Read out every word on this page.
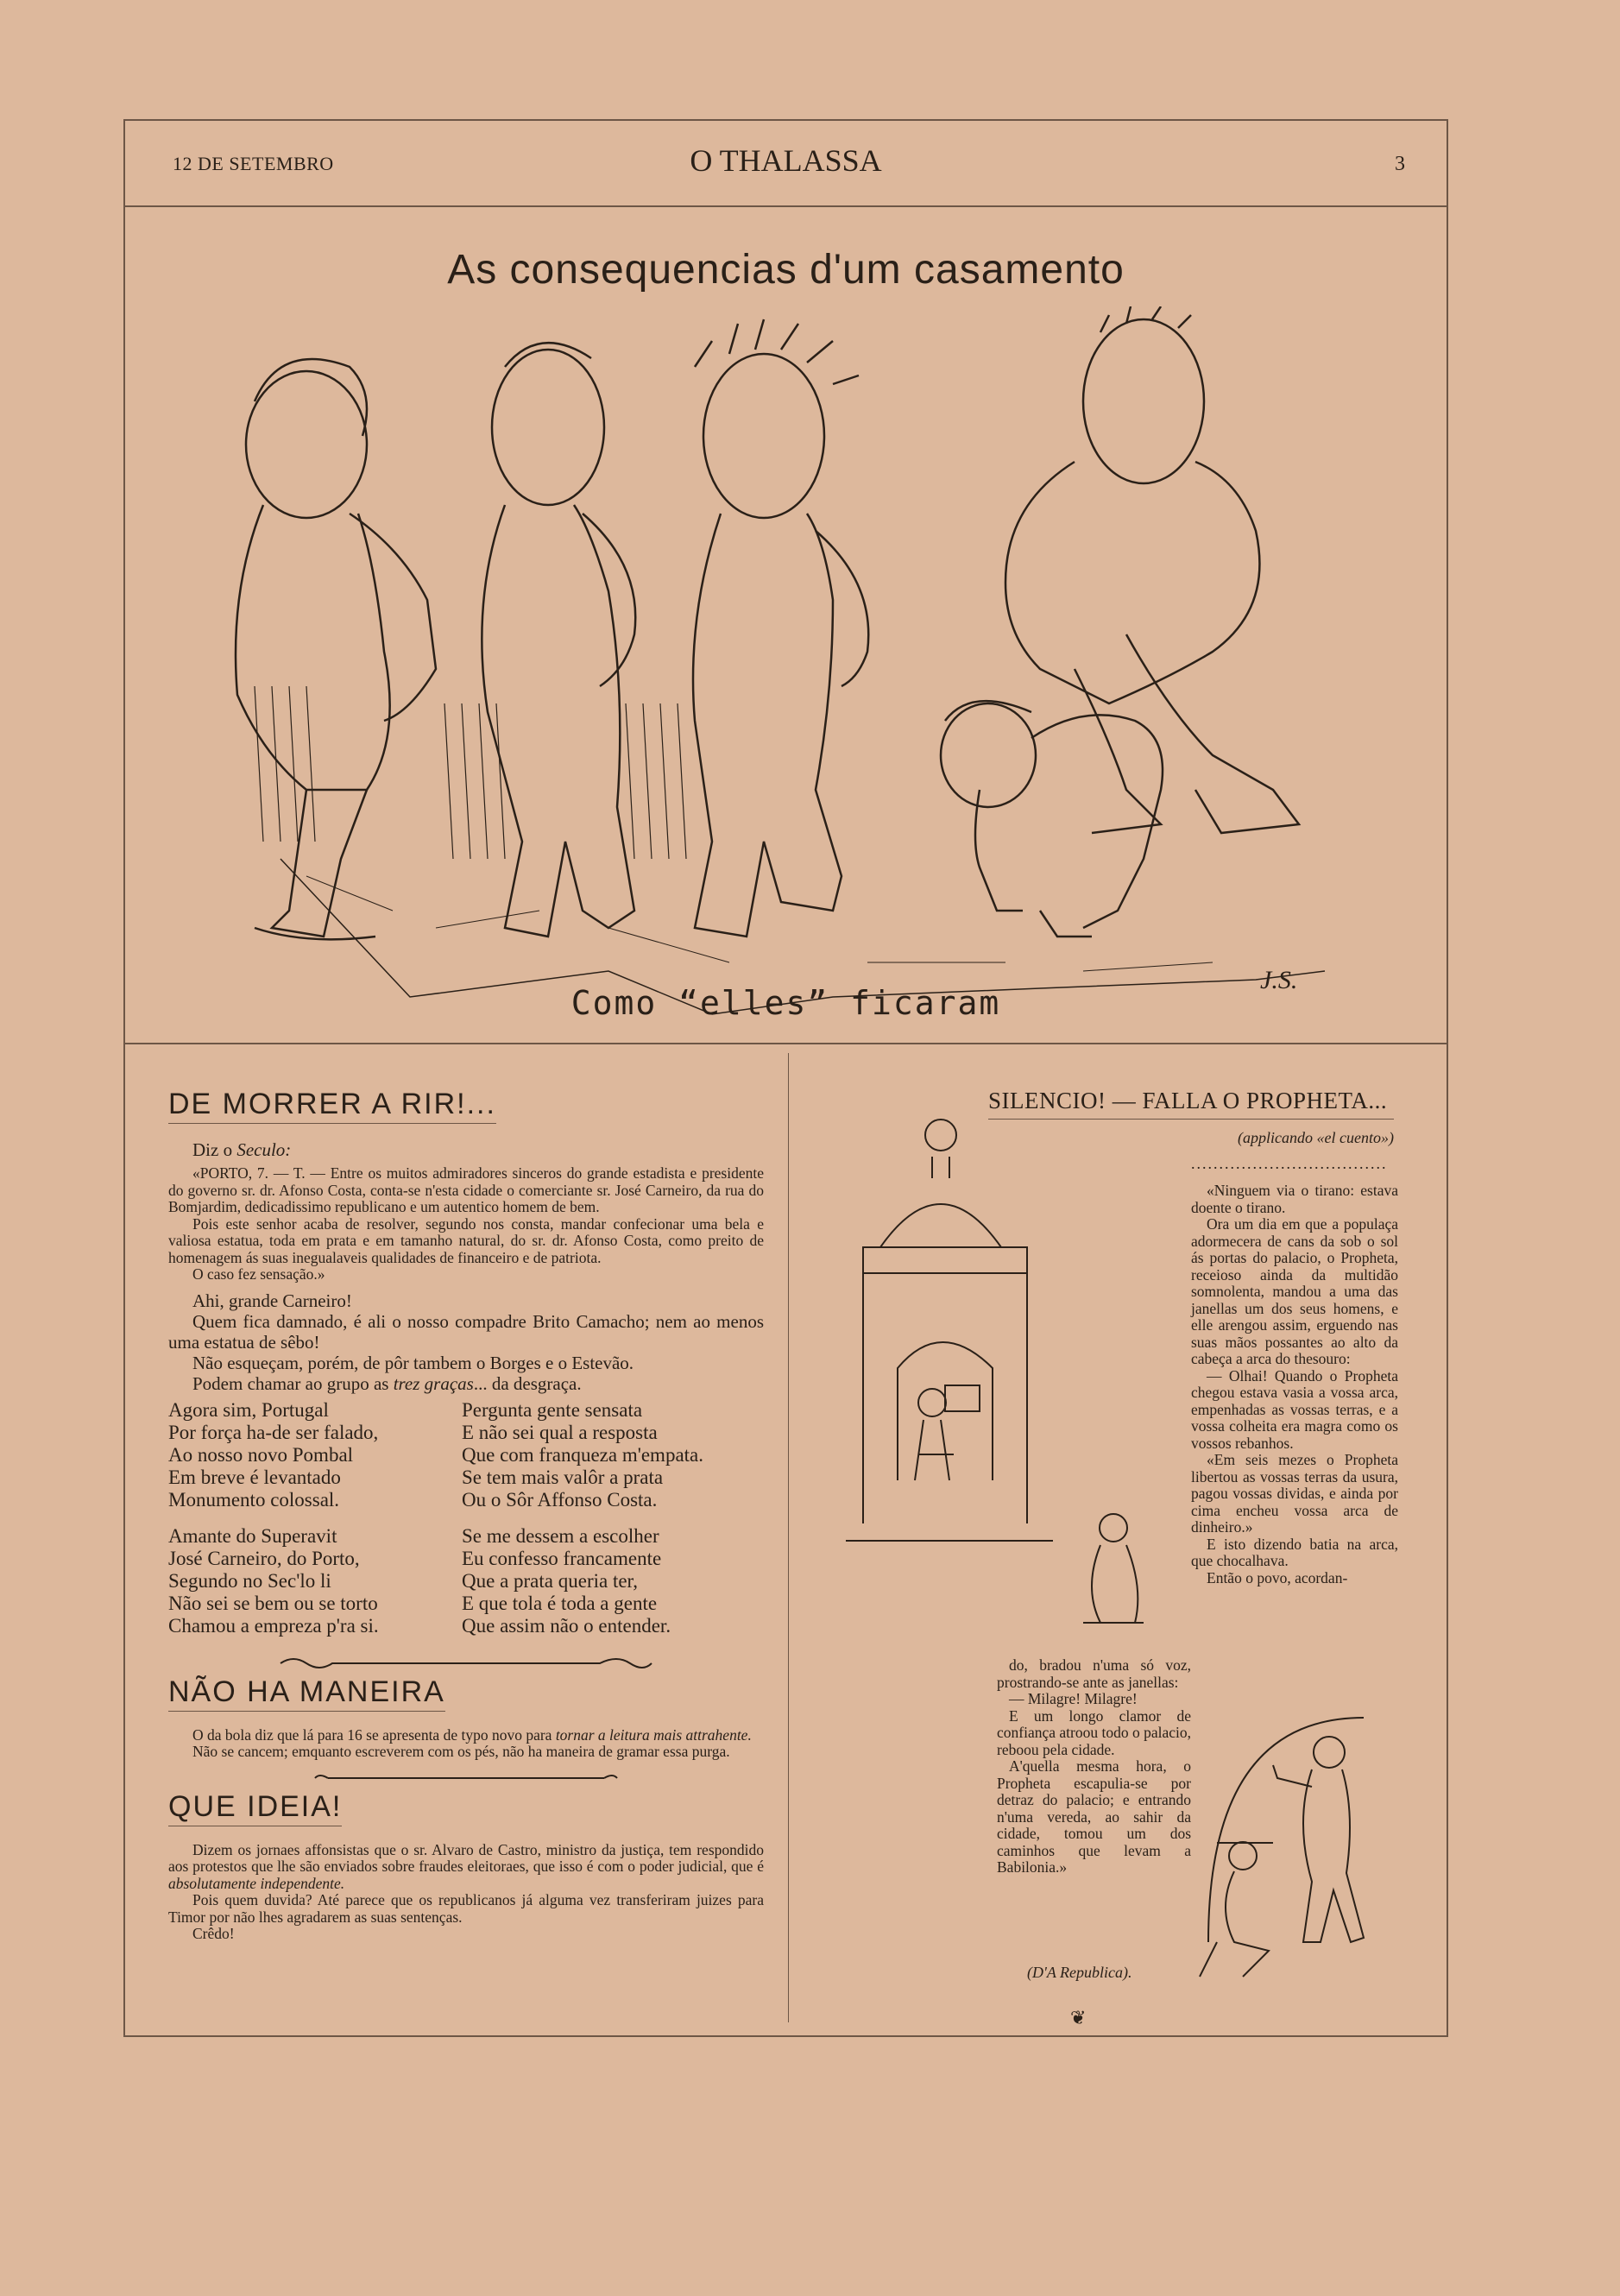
12 DE SETEMBRO	O THALASSA	3
As consequencias d'um casamento
J.S.
Como “elles” ficaram
DE MORRER A RIR!...

Diz o Seculo:

«PORTO, 7. — T. — Entre os muitos admiradores sinceros do grande estadista e presidente do governo sr. dr. Afonso Costa, conta-se n'esta cidade o comerciante sr. José Carneiro, da rua do Bomjardim, dedicadissimo republicano e um autentico homem de bem.

Pois este senhor acaba de resolver, segundo nos consta, mandar confecionar uma bela e valiosa estatua, toda em prata e em tamanho natural, do sr. dr. Afonso Costa, como preito de homenagem ás suas inegualaveis qualidades de financeiro e de patriota.

O caso fez sensação.»

Ahi, grande Carneiro!

Quem fica damnado, é ali o nosso compadre Brito Camacho; nem ao menos uma estatua de sêbo!

Não esqueçam, porém, de pôr tambem o Borges e o Estevão.

Podem chamar ao grupo as trez graças... da desgraça.

Agora sim, Portugal
Por força ha-de ser falado,
Ao nosso novo Pombal
Em breve é levantado
Monumento colossal.
Amante do Superavit
José Carneiro, do Porto,
Segundo no Sec'lo li
Não sei se bem ou se torto
Chamou a empreza p'ra si.
Pergunta gente sensata
E não sei qual a resposta
Que com franqueza m'empata.
Se tem mais valôr a prata
Ou o Sôr Affonso Costa.
Se me dessem a escolher
Eu confesso francamente
Que a prata queria ter,
E que tola é toda a gente
Que assim não o entender.
NÃO HA MANEIRA

O da bola diz que lá para 16 se apresenta de typo novo para tornar a leitura mais attrahente.

Não se cancem; emquanto escreverem com os pés, não ha maneira de gramar essa purga.

QUE IDEIA!

Dizem os jornaes affonsistas que o sr. Alvaro de Castro, ministro da justiça, tem respondido aos protestos que lhe são enviados sobre fraudes eleitoraes, que isso é com o poder judicial, que é absolutamente independente.

Pois quem duvida? Até parece que os republicanos já alguma vez transferiram juizes para Timor por não lhes agradarem as suas sentenças.

Crêdo!

SILENCIO! — FALLA O PROPHETA...
(applicando «el cuento»)
...................................

«Ninguem via o tirano: estava doente o tirano.

Ora um dia em que a populaça adormecera de cans da sob o sol ás portas do palacio, o Propheta, receioso ainda da multidão somnolenta, mandou a uma das janellas um dos seus homens, e elle arengou assim, erguendo nas suas mãos possantes ao alto da cabeça a arca do thesouro:

— Olhai! Quando o Propheta chegou estava vasia a vossa arca, empenhadas as vossas terras, e a vossa colheita era magra como os vossos rebanhos.

«Em seis mezes o Propheta libertou as vossas terras da usura, pagou vossas dividas, e ainda por cima encheu vossa arca de dinheiro.»

E isto dizendo batia na arca, que chocalhava.

Então o povo, acordan-

do, bradou n'uma só voz, prostrando-se ante as janellas:

— Milagre! Milagre!

E um longo clamor de confiança atroou todo o palacio, reboou pela cidade.

A'quella mesma hora, o Propheta escapulia-se por detraz do palacio; e entrando n'uma vereda, ao sahir da cidade, tomou um dos caminhos que levam a Babilonia.»

(D'A Republica).
❦
